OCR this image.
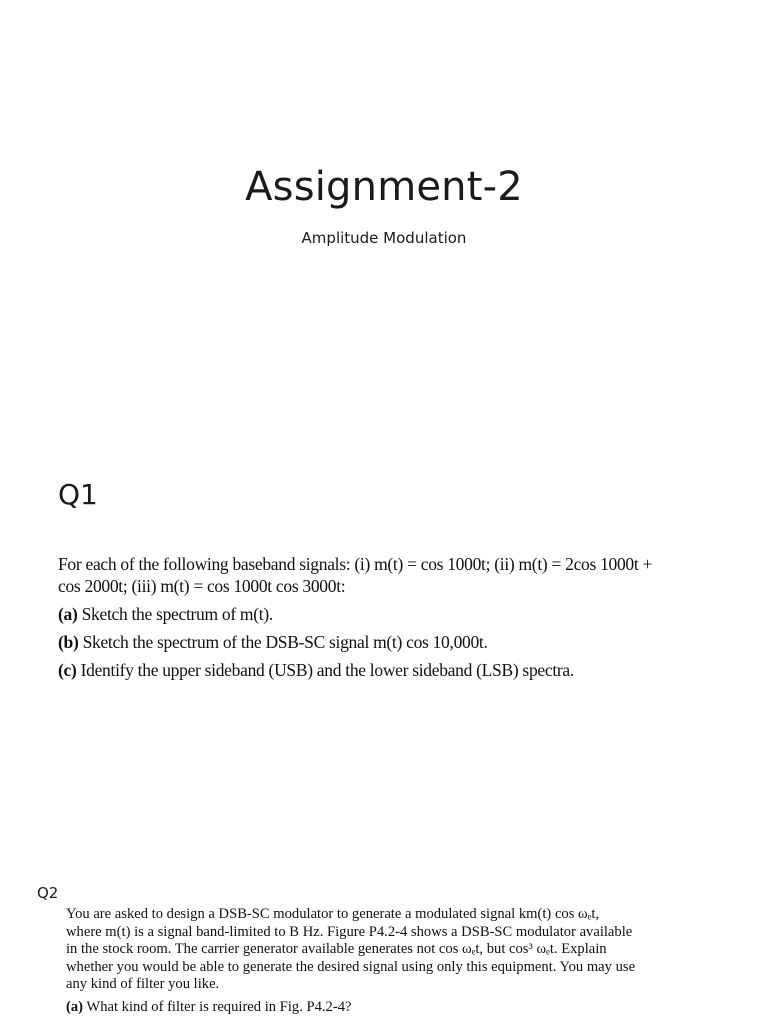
Assignment-2
Amplitude Modulation
Q1
For each of the following baseband signals: (i) m(t) = cos 1000t; (ii) m(t) = 2cos 1000t +
cos 2000t; (iii) m(t) = cos 1000t cos 3000t:
(a) Sketch the spectrum of m(t).
(b) Sketch the spectrum of the DSB-SC signal m(t) cos 10,000t.
(c) Identify the upper sideband (USB) and the lower sideband (LSB) spectra.
Q2
You are asked to design a DSB-SC modulator to generate a modulated signal km(t) cos ωₑt,
where m(t) is a signal band-limited to B Hz. Figure P4.2-4 shows a DSB-SC modulator available
in the stock room. The carrier generator available generates not cos ωₑt, but cos³ ωₑt. Explain
whether you would be able to generate the desired signal using only this equipment. You may use
any kind of filter you like.
(a) What kind of filter is required in Fig. P4.2-4?
